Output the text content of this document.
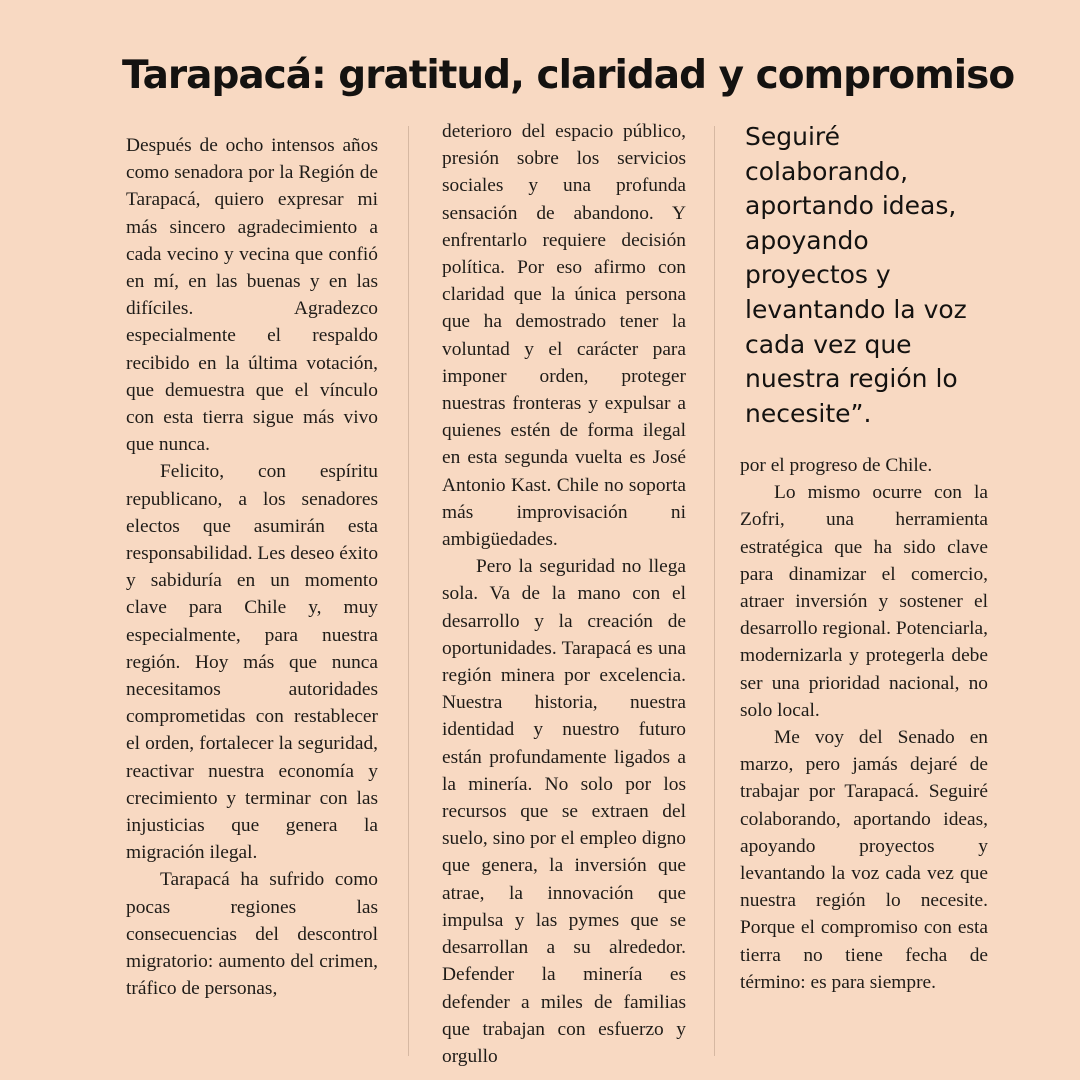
Tarapacá: gratitud, claridad y compromiso

Después de ocho intensos años como senadora por la Región de Tarapacá, quiero expresar mi más sincero agradecimiento a cada vecino y vecina que confió en mí, en las buenas y en las difíciles. Agradezco especialmente el respaldo recibido en la última votación, que demuestra que el vínculo con esta tierra sigue más vivo que nunca.

Felicito, con espíritu republicano, a los senadores electos que asumirán esta responsabilidad. Les deseo éxito y sabiduría en un momento clave para Chile y, muy especialmente, para nuestra región. Hoy más que nunca necesitamos autoridades comprometidas con restablecer el orden, fortalecer la seguridad, reactivar nuestra economía y crecimiento y terminar con las injusticias que genera la migración ilegal.

Tarapacá ha sufrido como pocas regiones las consecuencias del descontrol migratorio: aumento del crimen, tráfico de personas,

deterioro del espacio público, presión sobre los servicios sociales y una profunda sensación de abandono. Y enfrentarlo requiere decisión política. Por eso afirmo con claridad que la única persona que ha demostrado tener la voluntad y el carácter para imponer orden, proteger nuestras fronteras y expulsar a quienes estén de forma ilegal en esta segunda vuelta es José Antonio Kast. Chile no soporta más improvisación ni ambigüedades.

Pero la seguridad no llega sola. Va de la mano con el desarrollo y la creación de oportunidades. Tarapacá es una región minera por excelencia. Nuestra historia, nuestra identidad y nuestro futuro están profundamente ligados a la minería. No solo por los recursos que se extraen del suelo, sino por el empleo digno que genera, la inversión que atrae, la innovación que impulsa y las pymes que se desarrollan a su alrededor. Defender la minería es defender a miles de familias que trabajan con esfuerzo y orgullo

Seguiré colaborando, aportando ideas, apoyando proyectos y levantando la voz cada vez que nuestra región lo necesite”.

por el progreso de Chile.

Lo mismo ocurre con la Zofri, una herramienta estratégica que ha sido clave para dinamizar el comercio, atraer inversión y sostener el desarrollo regional. Potenciarla, modernizarla y protegerla debe ser una prioridad nacional, no solo local.

Me voy del Senado en marzo, pero jamás dejaré de trabajar por Tarapacá. Seguiré colaborando, aportando ideas, apoyando proyectos y levantando la voz cada vez que nuestra región lo necesite. Porque el compromiso con esta tierra no tiene fecha de término: es para siempre.
